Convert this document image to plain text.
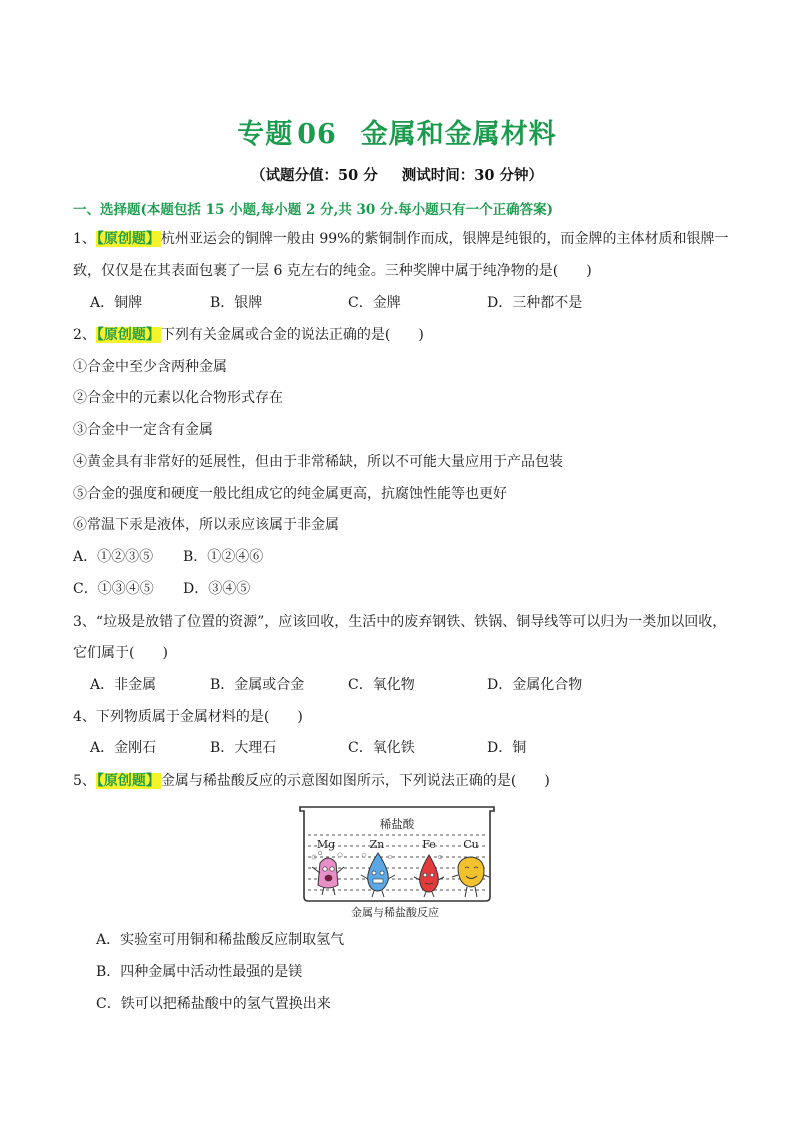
专题 06 金属和金属材料
（试题分值：50 分 测试时间：30 分钟）
一、选择题(本题包括 15 小题,每小题 2 分,共 30 分.每小题只有一个正确答案)
1、【原创题】杭州亚运会的铜牌一般由 99%的紫铜制作而成，银牌是纯银的，而金牌的主体材质和银牌一
致，仅仅是在其表面包裹了一层 6 克左右的纯金。三种奖牌中属于纯净物的是(　　)
A．铜牌	B．银牌	C．金牌	D．三种都不是
2、【原创题】下列有关金属或合金的说法正确的是(　　)
①合金中至少含两种金属
②合金中的元素以化合物形式存在
③合金中一定含有金属
④黄金具有非常好的延展性，但由于非常稀缺，所以不可能大量应用于产品包装
⑤合金的强度和硬度一般比组成它的纯金属更高，抗腐蚀性能等也更好
⑥常温下汞是液体，所以汞应该属于非金属
A．①②③⑤ B．①②④⑥
C．①③④⑤ D．③④⑤
3、“垃圾是放错了位置的资源”，应该回收，生活中的废弃钢铁、铁锅、铜导线等可以归为一类加以回收，
它们属于(　　)
A．非金属	B．金属或合金	C．氧化物	D．金属化合物
4、下列物质属于金属材料的是(　　)
A．金刚石	B．大理石	C．氧化铁	D．铜
5、【原创题】金属与稀盐酸反应的示意图如图所示，下列说法正确的是(　　)
稀盐酸
Mg	Zn	Fe Cu
金属与稀盐酸反应
A．实验室可用铜和稀盐酸反应制取氢气
B．四种金属中活动性最强的是镁
C．铁可以把稀盐酸中的氢气置换出来
